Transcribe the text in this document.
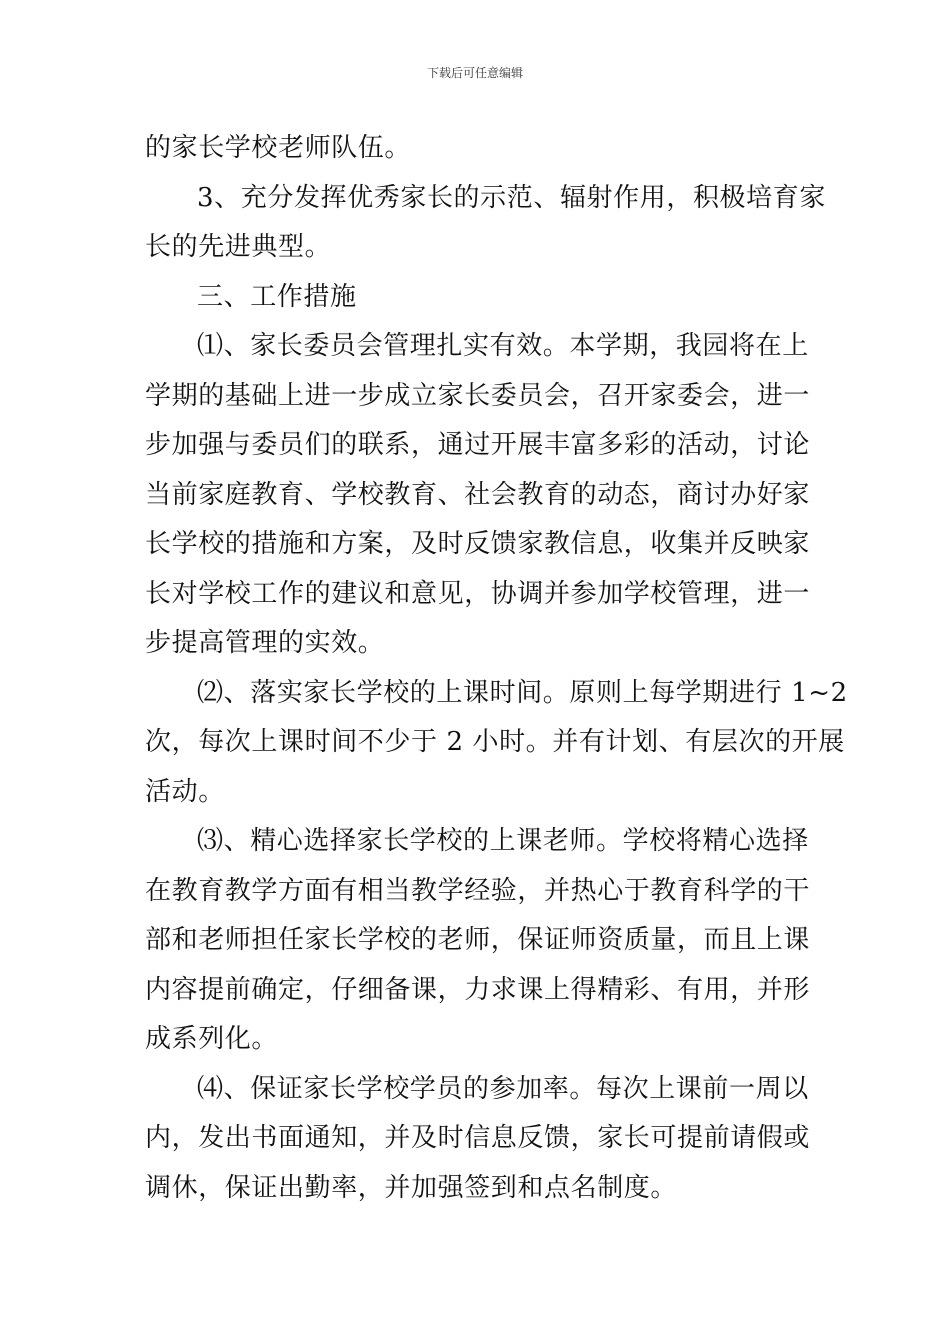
下载后可任意编辑
的家长学校老师队伍。
3、充分发挥优秀家长的示范、辐射作用，积极培育家
长的先进典型。
三、工作措施
⑴、家长委员会管理扎实有效。本学期，我园将在上
学期的基础上进一步成立家长委员会，召开家委会，进一
步加强与委员们的联系，通过开展丰富多彩的活动，讨论
当前家庭教育、学校教育、社会教育的动态，商讨办好家
长学校的措施和方案，及时反馈家教信息，收集并反映家
长对学校工作的建议和意见，协调并参加学校管理，进一
步提高管理的实效。
⑵、落实家长学校的上课时间。原则上每学期进行 1~2
次，每次上课时间不少于 2 小时。并有计划、有层次的开展
活动。
⑶、精心选择家长学校的上课老师。学校将精心选择
在教育教学方面有相当教学经验，并热心于教育科学的干
部和老师担任家长学校的老师，保证师资质量，而且上课
内容提前确定，仔细备课，力求课上得精彩、有用，并形
成系列化。
⑷、保证家长学校学员的参加率。每次上课前一周以
内，发出书面通知，并及时信息反馈，家长可提前请假或
调休，保证出勤率，并加强签到和点名制度。
